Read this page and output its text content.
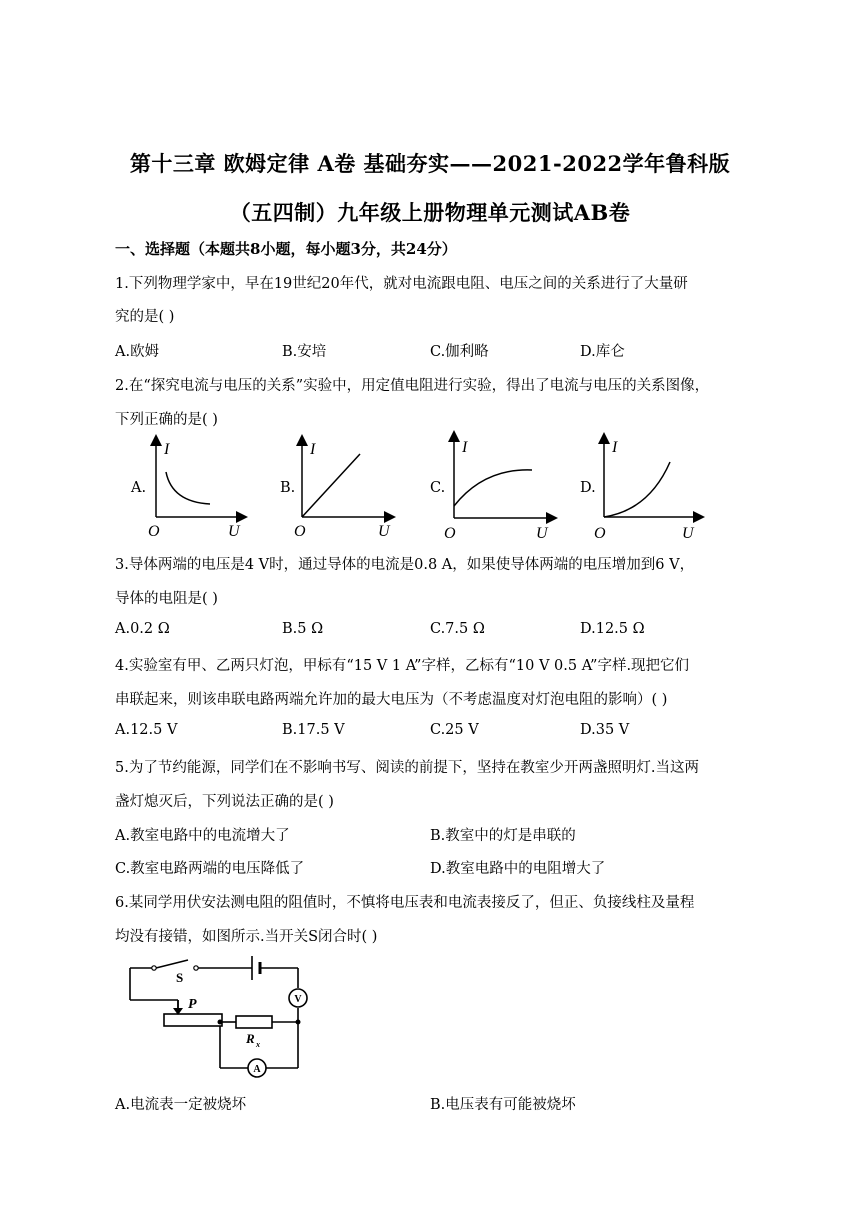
第十三章 欧姆定律 A卷 基础夯实——2021-2022学年鲁科版
（五四制）九年级上册物理单元测试AB卷
一、选择题（本题共8小题，每小题3分，共24分）
1.下列物理学家中，早在19世纪20年代，就对电流跟电阻、电压之间的关系进行了大量研
究的是( )
A.欧姆	B.安培	C.伽利略	D.库仑
2.在“探究电流与电压的关系”实验中，用定值电阻进行实验，得出了电流与电压的关系图像，
下列正确的是( )
A.	B.	C.	D.
I
O	U
I
O	U
I
O	U
I
O	U
3.导体两端的电压是4 V时，通过导体的电流是0.8 A，如果使导体两端的电压增加到6 V，
导体的电阻是( )
A.0.2 Ω	B.5 Ω	C.7.5 Ω	D.12.5 Ω
4.实验室有甲、乙两只灯泡，甲标有“15 V 1 A”字样，乙标有“10 V 0.5 A”字样.现把它们
串联起来，则该串联电路两端允许加的最大电压为（不考虑温度对灯泡电阻的影响）( )
A.12.5 V	B.17.5 V	C.25 V	D.35 V
5.为了节约能源，同学们在不影响书写、阅读的前提下，坚持在教室少开两盏照明灯.当这两
盏灯熄灭后，下列说法正确的是( )
A.教室电路中的电流增大了	B.教室中的灯是串联的
C.教室电路两端的电压降低了	D.教室电路中的电阻增大了
6.某同学用伏安法测电阻的阻值时，不慎将电压表和电流表接反了，但正、负接线柱及量程
均没有接错，如图所示.当开关S闭合时( )
V
A
S
P
R x
A.电流表一定被烧坏	B.电压表有可能被烧坏
